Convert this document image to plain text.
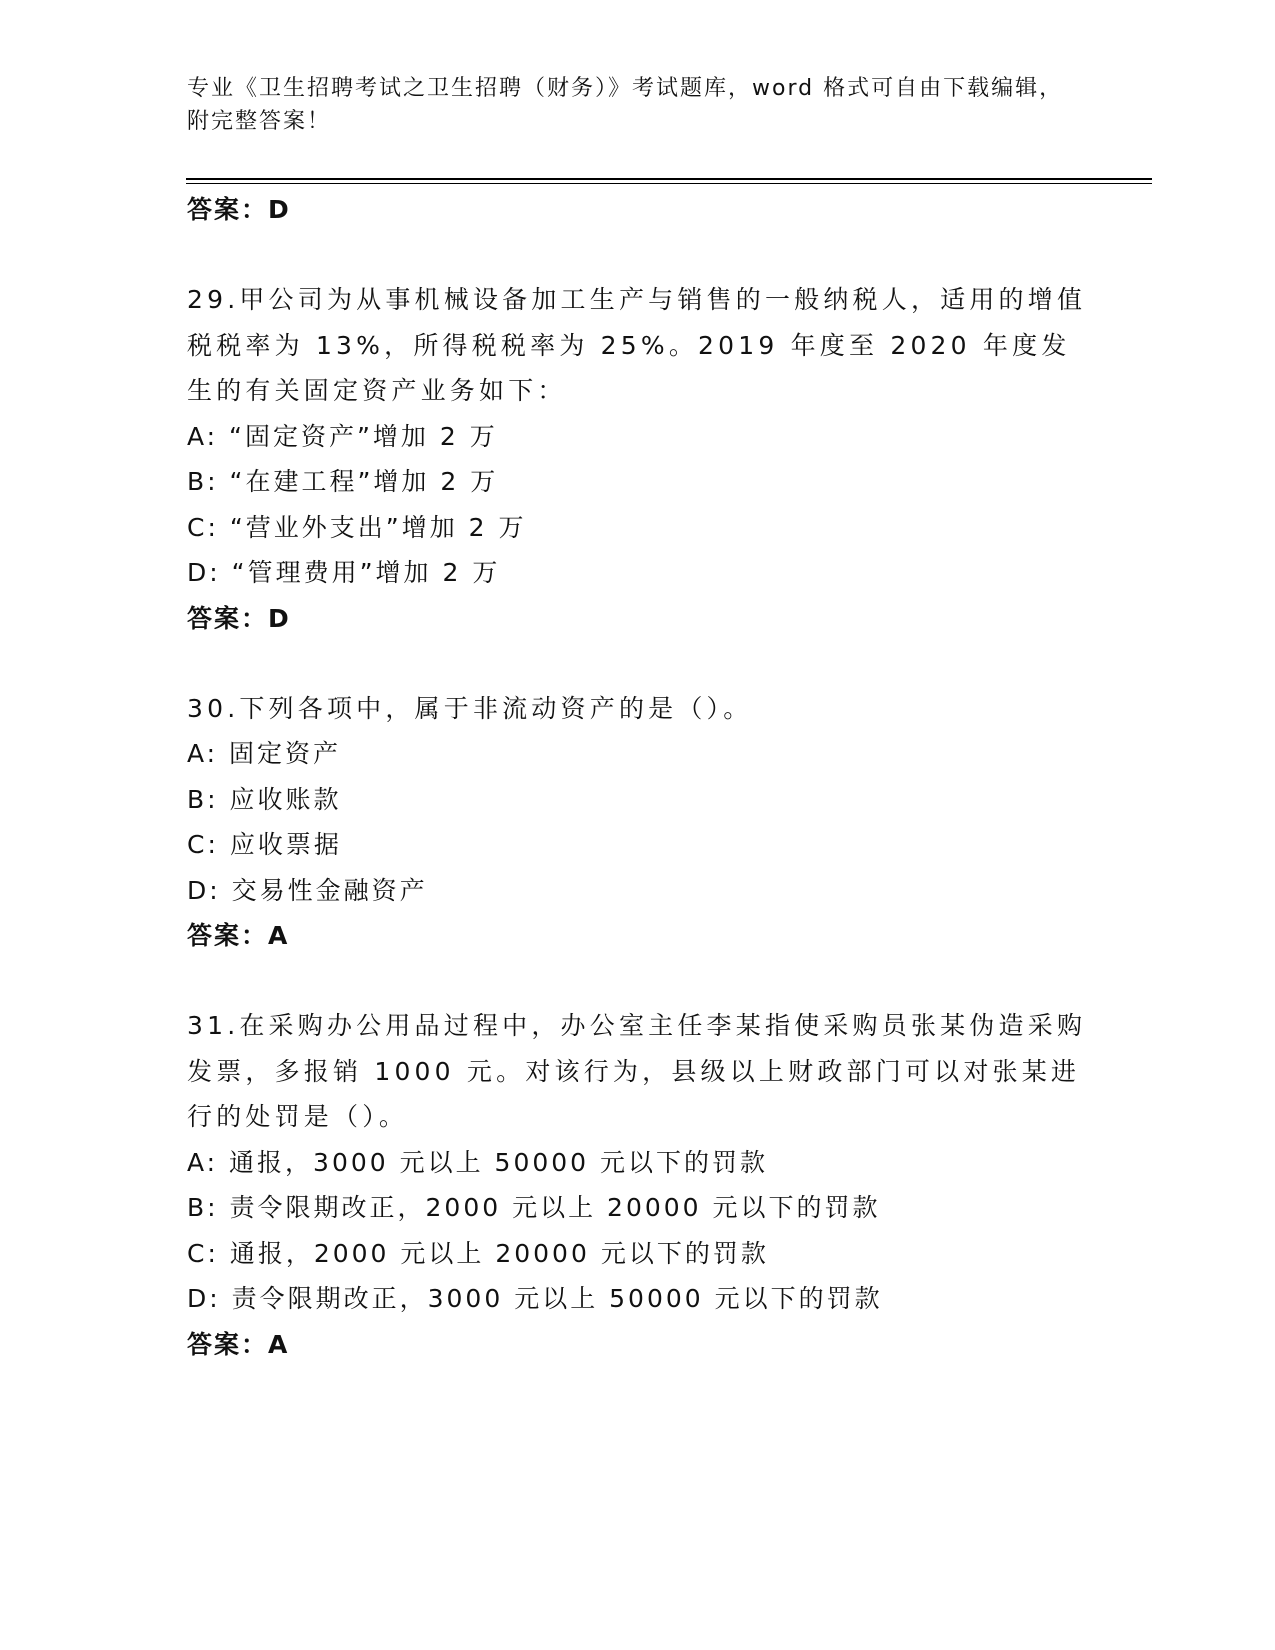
专业《卫生招聘考试之卫生招聘（财务）》考试题库，word 格式可自由下载编辑，附完整答案！
答案：D
29.甲公司为从事机械设备加工生产与销售的一般纳税人，适用的增值税税率为 13%，所得税税率为 25%。2019 年度至 2020 年度发生的有关固定资产业务如下：
A: “固定资产”增加 2 万
B: “在建工程”增加 2 万
C: “营业外支出”增加 2 万
D: “管理费用”增加 2 万
答案：D
30.下列各项中，属于非流动资产的是（）。
A: 固定资产
B: 应收账款
C: 应收票据
D: 交易性金融资产
答案：A
31.在采购办公用品过程中，办公室主任李某指使采购员张某伪造采购发票，多报销 1000 元。对该行为，县级以上财政部门可以对张某进行的处罚是（）。
A: 通报，3000 元以上 50000 元以下的罚款
B: 责令限期改正，2000 元以上 20000 元以下的罚款
C: 通报，2000 元以上 20000 元以下的罚款
D: 责令限期改正，3000 元以上 50000 元以下的罚款
答案：A
